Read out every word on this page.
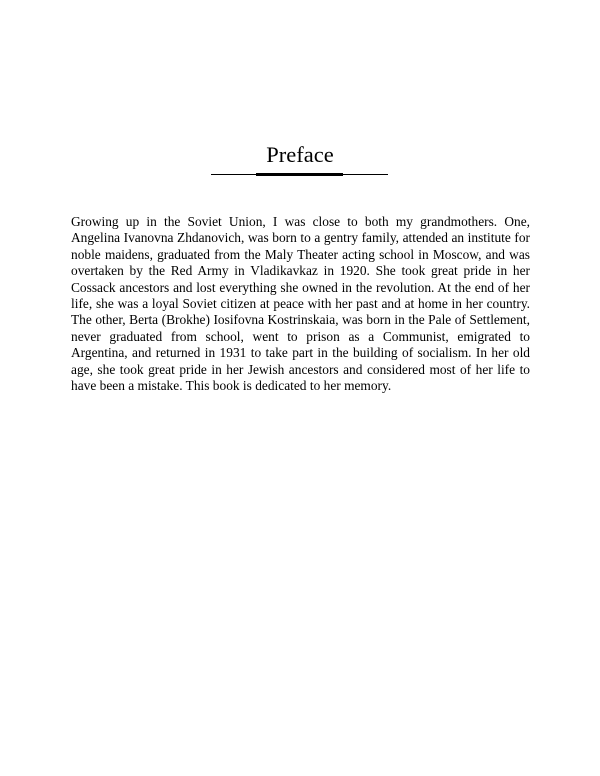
Preface

Growing up in the Soviet Union, I was close to both my grandmothers. One, Angelina Ivanovna Zhdanovich, was born to a gentry family, attended an institute for noble maidens, graduated from the Maly Theater acting school in Moscow, and was overtaken by the Red Army in Vladikavkaz in 1920. She took great pride in her Cossack ancestors and lost everything she owned in the revolution. At the end of her life, she was a loyal Soviet citizen at peace with her past and at home in her country. The other, Berta (Brokhe) Iosifovna Kostrinskaia, was born in the Pale of Settlement, never graduated from school, went to prison as a Communist, emigrated to Argentina, and returned in 1931 to take part in the building of socialism. In her old age, she took great pride in her Jewish ancestors and considered most of her life to have been a mistake. This book is dedicated to her memory.
